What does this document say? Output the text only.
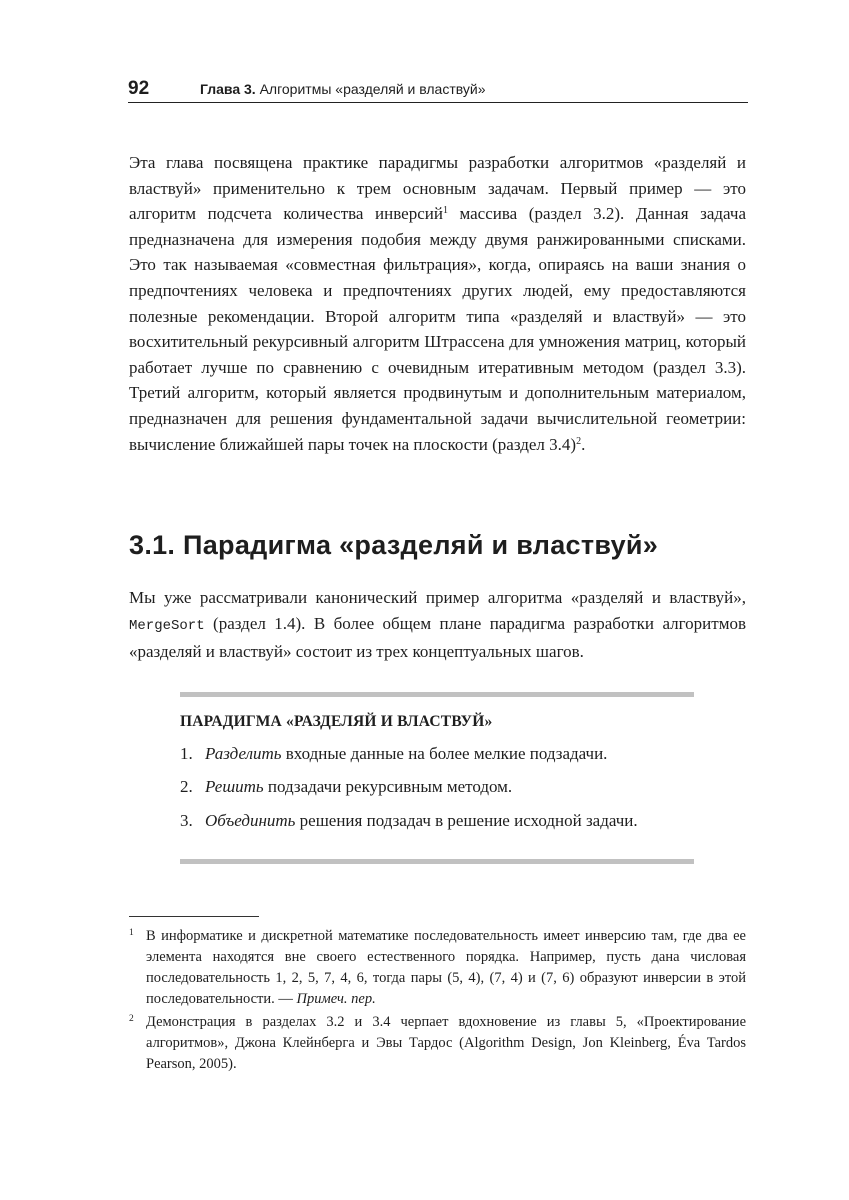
92	Глава 3. Алгоритмы «разделяй и властвуй»

Эта глава посвящена практике парадигмы разработки алгоритмов «разделяй и властвуй» применительно к трем основным задачам. Первый пример — это алгоритм подсчета количества инверсий$^1$ массива (раздел 3.2). Данная задача предназначена для измерения подобия между двумя ранжированными списками. Это так называемая «совместная фильтрация», когда, опираясь на ваши знания о предпочтениях человека и предпочтениях других людей, ему предоставляются полезные рекомендации. Второй алгоритм типа «разделяй и властвуй» — это восхитительный рекурсивный алгоритм Штрассена для умножения матриц, который работает лучше по сравнению с очевидным итеративным методом (раздел 3.3). Третий алгоритм, который является продвинутым и дополнительным материалом, предназначен для решения фундаментальной задачи вычислительной геометрии: вычисление ближайшей пары точек на плоскости (раздел 3.4)$^2$.

3.1. Парадигма «разделяй и властвуй»

Мы уже рассматривали канонический пример алгоритма «разделяй и властвуй», MergeSort (раздел 1.4). В более общем плане парадигма разработки алгоритмов «разделяй и властвуй» состоит из трех концептуальных шагов.

ПАРАДИГМА «РАЗДЕЛЯЙ И ВЛАСТВУЙ»
1. Разделить входные данные на более мелкие подзадачи.
2. Решить подзадачи рекурсивным методом.
3. Объединить решения подзадач в решение исходной задачи.
1 В информатике и дискретной математике последовательность имеет инверсию там, где два ее элемента находятся вне своего естественного порядка. Например, пусть дана числовая последовательность 1, 2, 5, 7, 4, 6, тогда пары (5, 4), (7, 4) и (7, 6) образуют инверсии в этой последовательности. — Примеч. пер.
2 Демонстрация в разделах 3.2 и 3.4 черпает вдохновение из главы 5, «Проектирование алгоритмов», Джона Клейнберга и Эвы Тардос (Algorithm Design, Jon Kleinberg, Éva Tardos Pearson, 2005).
